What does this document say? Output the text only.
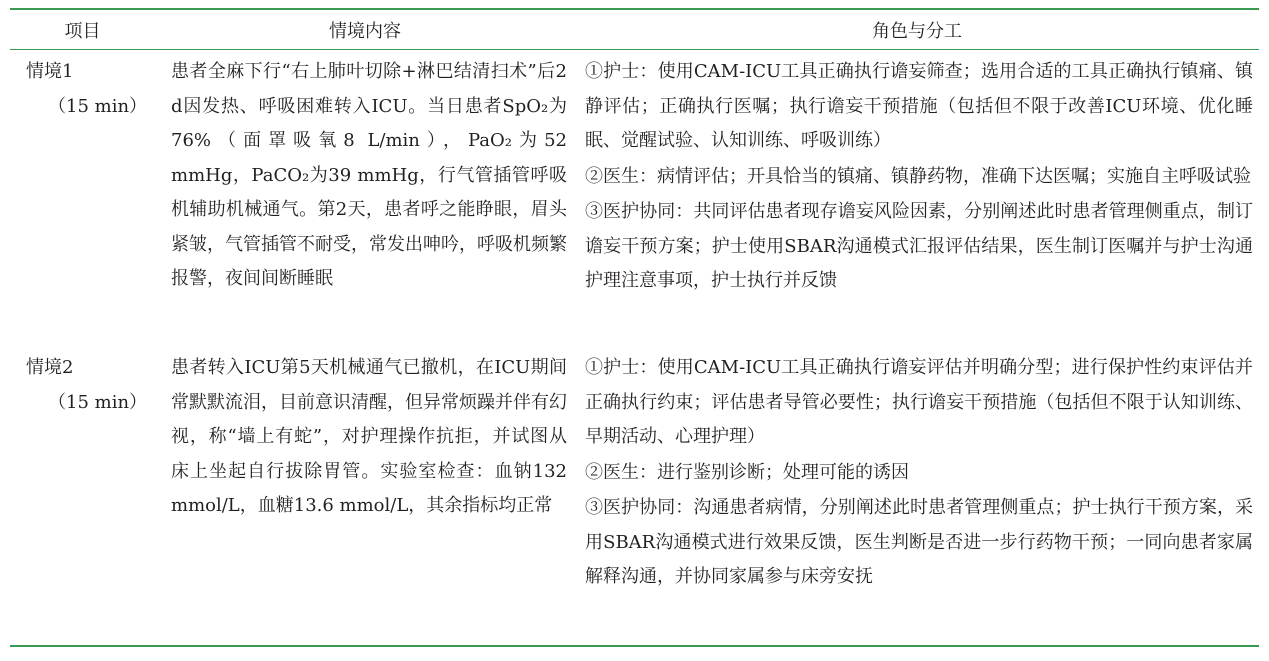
项目	情境内容	角色与分工
情境1
（15 min）
患者全麻下行“右上肺叶切除+淋巴结清扫术”后2 d因发热、呼吸困难转入ICU。当日患者SpO₂为76%（面罩吸氧8 L/min），PaO₂为52 mmHg，PaCO₂为39 mmHg，行气管插管呼吸机辅助机械通气。第2天，患者呼之能睁眼，眉头紧皱，气管插管不耐受，常发出呻吟，呼吸机频繁报警，夜间间断睡眠
①护士：使用CAM-ICU工具正确执行谵妄筛查；选用合适的工具正确执行镇痛、镇静评估；正确执行医嘱；执行谵妄干预措施（包括但不限于改善ICU环境、优化睡眠、觉醒试验、认知训练、呼吸训练）
②医生：病情评估；开具恰当的镇痛、镇静药物，准确下达医嘱；实施自主呼吸试验
③医护协同：共同评估患者现存谵妄风险因素，分别阐述此时患者管理侧重点，制订谵妄干预方案；护士使用SBAR沟通模式汇报评估结果，医生制订医嘱并与护士沟通护理注意事项，护士执行并反馈
情境2
（15 min）
患者转入ICU第5天机械通气已撤机，在ICU期间常默默流泪，目前意识清醒，但异常烦躁并伴有幻视，称“墙上有蛇”，对护理操作抗拒，并试图从床上坐起自行拔除胃管。实验室检查：血钠132 mmol/L，血糖13.6 mmol/L，其余指标均正常
①护士：使用CAM-ICU工具正确执行谵妄评估并明确分型；进行保护性约束评估并正确执行约束；评估患者导管必要性；执行谵妄干预措施（包括但不限于认知训练、早期活动、心理护理）
②医生：进行鉴别诊断；处理可能的诱因
③医护协同：沟通患者病情，分别阐述此时患者管理侧重点；护士执行干预方案，采用SBAR沟通模式进行效果反馈，医生判断是否进一步行药物干预；一同向患者家属解释沟通，并协同家属参与床旁安抚
